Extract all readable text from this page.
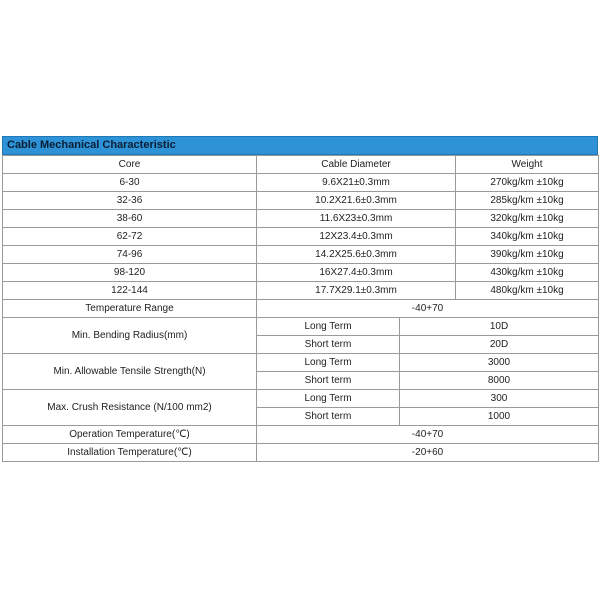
Cable Mechanical Characteristic
Core	Cable Diameter		Weight
6-30	9.6X21±0.3mm		270kg/km ±10kg
32-36	10.2X21.6±0.3mm		285kg/km ±10kg
38-60	11.6X23±0.3mm		320kg/km ±10kg
62-72	12X23.4±0.3mm		340kg/km ±10kg
74-96	14.2X25.6±0.3mm		390kg/km ±10kg
98-120	16X27.4±0.3mm		430kg/km ±10kg
122-144	17.7X29.1±0.3mm		480kg/km ±10kg
Temperature Range	-40+70		
Min. Bending Radius(mm)	Long Term	10D	
	Short term	20D	
Min. Allowable Tensile Strength(N)	Long Term	3000	
	Short term	8000	
Max. Crush Resistance (N/100 mm2)	Long Term	300	
	Short term	1000	
Operation Temperature(℃)	-40+70		
Installation Temperature(℃)	-20+60		
